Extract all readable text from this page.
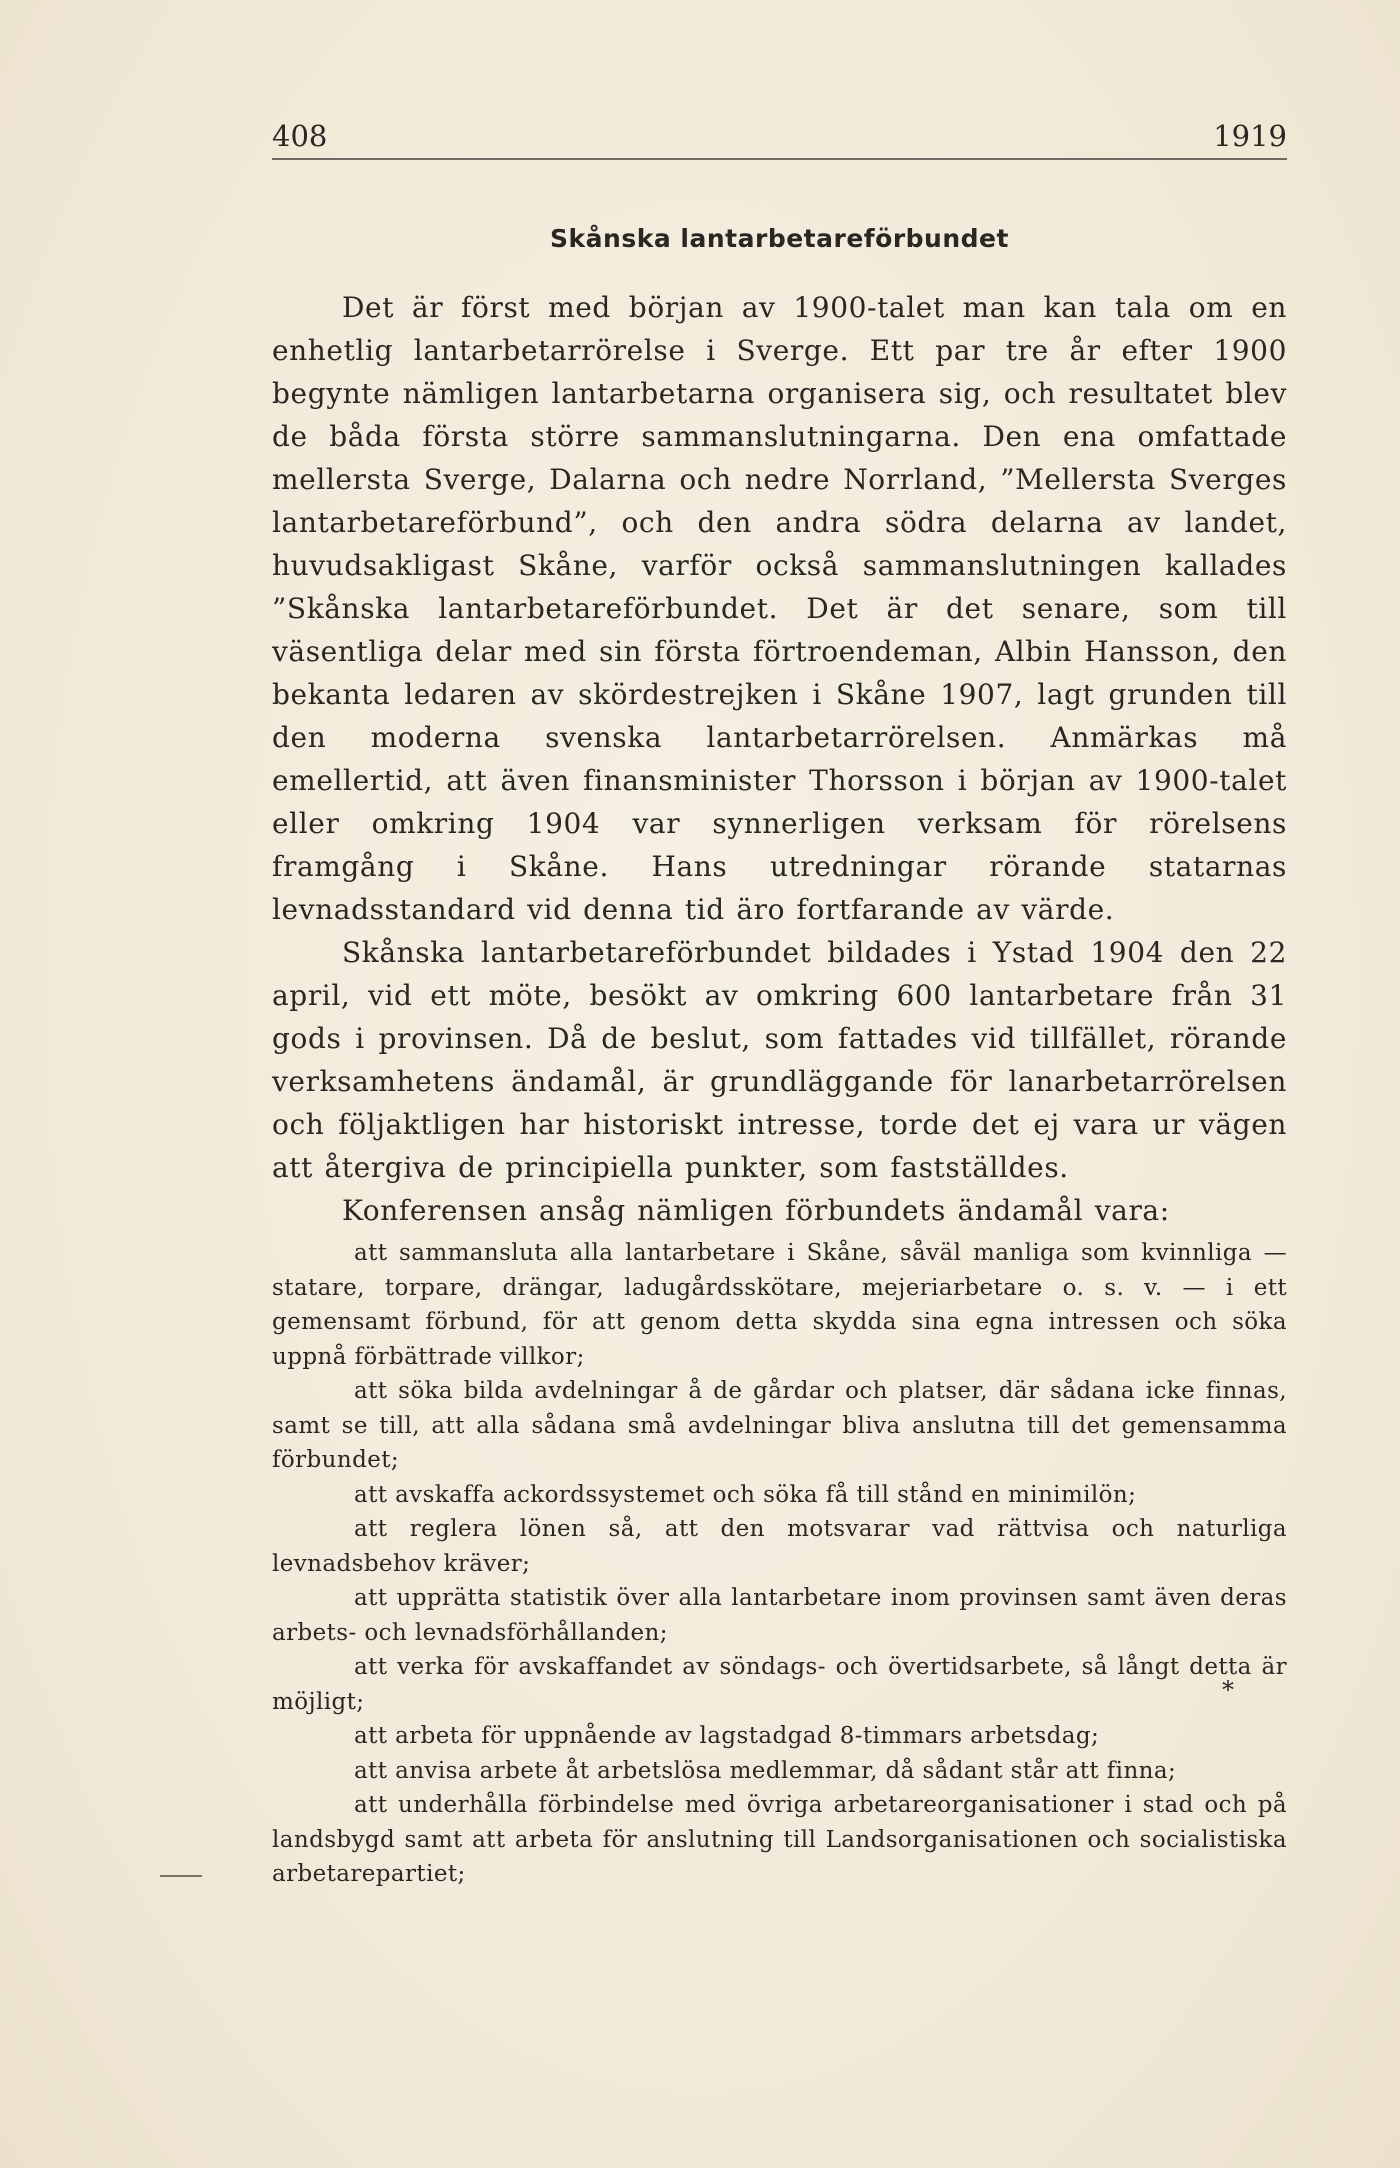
408	1919
Skånska lantarbetareförbundet

Det är först med början av 1900-talet man kan tala om en enhetlig lantarbetarrörelse i Sverge. Ett par tre år efter 1900 begynte nämligen lantarbetarna organisera sig, och resultatet blev de båda första större sammanslutningarna. Den ena omfattade mellersta Sverge, Dalarna och nedre Norrland, ”Mellersta Sverges lantarbetareförbund”, och den andra södra delarna av landet, huvudsakligast Skåne, varför också sammanslutningen kallades ”Skånska lantarbetareförbundet. Det är det senare, som till väsentliga delar med sin första förtroendeman, Albin Hansson, den bekanta ledaren av skördestrejken i Skåne 1907, lagt grunden till den moderna svenska lantarbetarrörelsen. Anmärkas må emellertid, att även finansminister Thorsson i början av 1900-talet eller omkring 1904 var synnerligen verksam för rörelsens framgång i Skåne. Hans utredningar rörande statarnas levnadsstandard vid denna tid äro fortfarande av värde.

Skånska lantarbetareförbundet bildades i Ystad 1904 den 22 april, vid ett möte, besökt av omkring 600 lantarbetare från 31 gods i provinsen. Då de beslut, som fattades vid tillfället, rörande verksamhetens ändamål, är grundläggande för lanarbetarrörelsen och följaktligen har historiskt intresse, torde det ej vara ur vägen att återgiva de principiella punkter, som fastställdes.

Konferensen ansåg nämligen förbundets ändamål vara:

att sammansluta alla lantarbetare i Skåne, såväl manliga som kvinnliga — statare, torpare, drängar, ladugårdsskötare, mejeriarbetare o. s. v. — i ett gemensamt förbund, för att genom detta skydda sina egna intressen och söka uppnå förbättrade villkor;

att söka bilda avdelningar å de gårdar och platser, där sådana icke finnas, samt se till, att alla sådana små avdelningar bliva anslutna till det gemensamma förbundet;

att avskaffa ackordssystemet och söka få till stånd en minimilön;

att reglera lönen så, att den motsvarar vad rättvisa och naturliga levnadsbehov kräver;

att upprätta statistik över alla lantarbetare inom provinsen samt även deras arbets- och levnadsförhållanden;

att verka för avskaffandet av söndags- och övertidsarbete, så långt detta är möjligt;

att arbeta för uppnående av lagstadgad 8-timmars arbetsdag;

att anvisa arbete åt arbetslösa medlemmar, då sådant står att finna;

att underhålla förbindelse med övriga arbetareorganisationer i stad och på landsbygd samt att arbeta för anslutning till Landsorganisationen och socialistiska arbetarepartiet;

*
